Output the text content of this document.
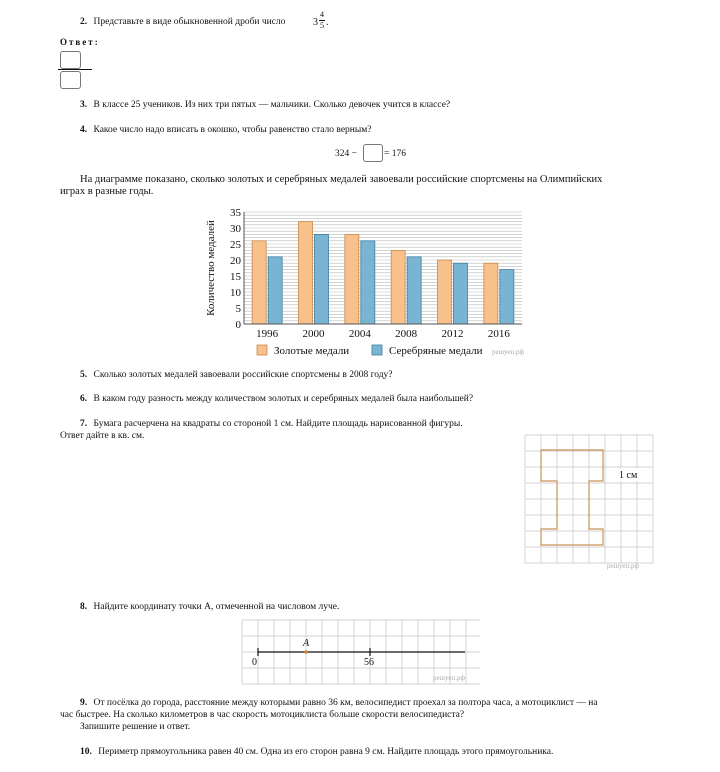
2. Представьте в виде обыкновенной дроби число	3
4
5 .
Ответ:
3. В классе 25 учеников. Из них три пятых — мальчики. Сколько девочек учится в классе?
4. Какое число надо вписать в окошко, чтобы равенство стало верным?
324 −	= 176
На диаграмме показано, сколько золотых и серебряных медалей завоевали российские спортсмены на Олимпийских
играх в разные годы.
0
5
10
15
20
25
30
35
1996 2000 2004 2008 2012 2016
Количество медалей
Золотые медали	Серебряные медали решуеп.рф
5. Сколько золотых медалей завоевали российские спортсмены в 2008 году?
6. В каком году разность между количеством золотых и серебряных медалей была наибольшей?
7. Бумага расчерчена на квадраты со стороной 1 см. Найдите площадь нарисованной фигуры.
Ответ дайте в кв. см.
1 см
решуеп.рф
8. Найдите координату точки A, отмеченной на числовом луче.
A
0	56
решуеп.рф
9. От посёлка до города, расстояние между которыми равно 36 км, велосипедист проехал за полтора часа, а мотоциклист — на
час быстрее. На сколько километров в час скорость мотоциклиста больше скорости велосипедиста?
Запишите решение и ответ.
10. Периметр прямоугольника равен 40 см. Одна из его сторон равна 9 см. Найдите площадь этого прямоугольника.
